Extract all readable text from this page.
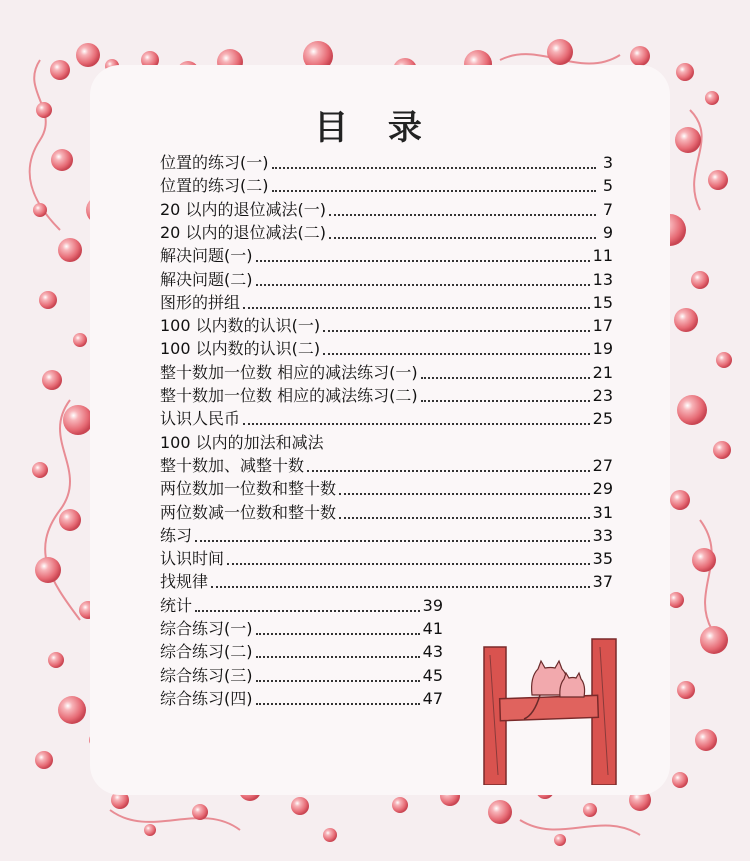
目 录
位置的练习(一)	3
位置的练习(二)	5
20 以内的退位减法(一)	7
20 以内的退位减法(二)	9
解决问题(一)	11
解决问题(二)	13
图形的拼组	15
100 以内数的认识(一)	17
100 以内数的认识(二)	19
整十数加一位数 相应的减法练习(一)	21
整十数加一位数 相应的减法练习(二)	23
认识人民币	25
100 以内的加法和减法
整十数加、减整十数	27
两位数加一位数和整十数	29
两位数减一位数和整十数	31
练习	33
认识时间	35
找规律	37
统计	39
综合练习(一)	41
综合练习(二)	43
综合练习(三)	45
综合练习(四)	47
